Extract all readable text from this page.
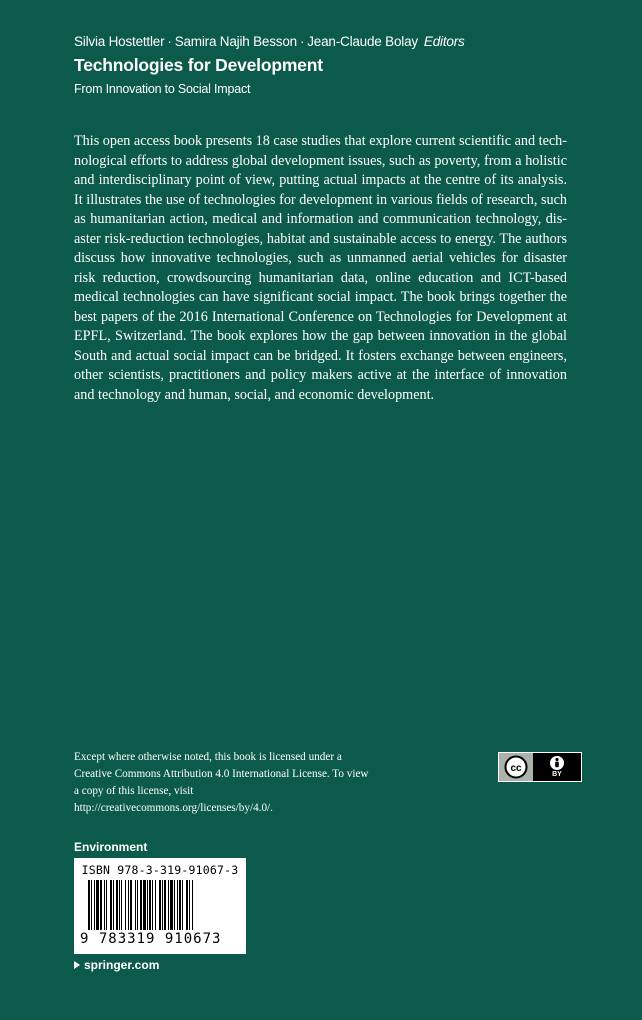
Silvia Hostettler · Samira Najih Besson · Jean-Claude Bolay Editors
Technologies for Development
From Innovation to Social Impact

This open access book presents 18 case studies that explore current scientific and technological efforts to address global development issues, such as poverty, from a holistic and interdisciplinary point of view, putting actual impacts at the centre of its analysis. It illustrates the use of technologies for development in various fields of research, such as humanitarian action, medical and information and communication technology, disaster risk-reduction technologies, habitat and sustainable access to energy. The authors discuss how innovative technologies, such as unmanned aerial vehicles for disaster risk reduction, crowdsourcing humanitarian data, online education and ICT-based medical technologies can have significant social impact. The book brings together the best papers of the 2016 International Conference on Technologies for Development at EPFL, Switzerland. The book explores how the gap between innovation in the global South and actual social impact can be bridged. It fosters exchange between engineers, other scientists, practitioners and policy makers active at the interface of innovation and technology and human, social, and economic development.

Except where otherwise noted, this book is licensed under a Creative Commons Attribution 4.0 International License. To view a copy of this license, visit http://creativecommons.org/licenses/by/4.0/.

cc
BY
Environment
ISBN 978-3-319-91067-3
9 783319 910673
springer.com
